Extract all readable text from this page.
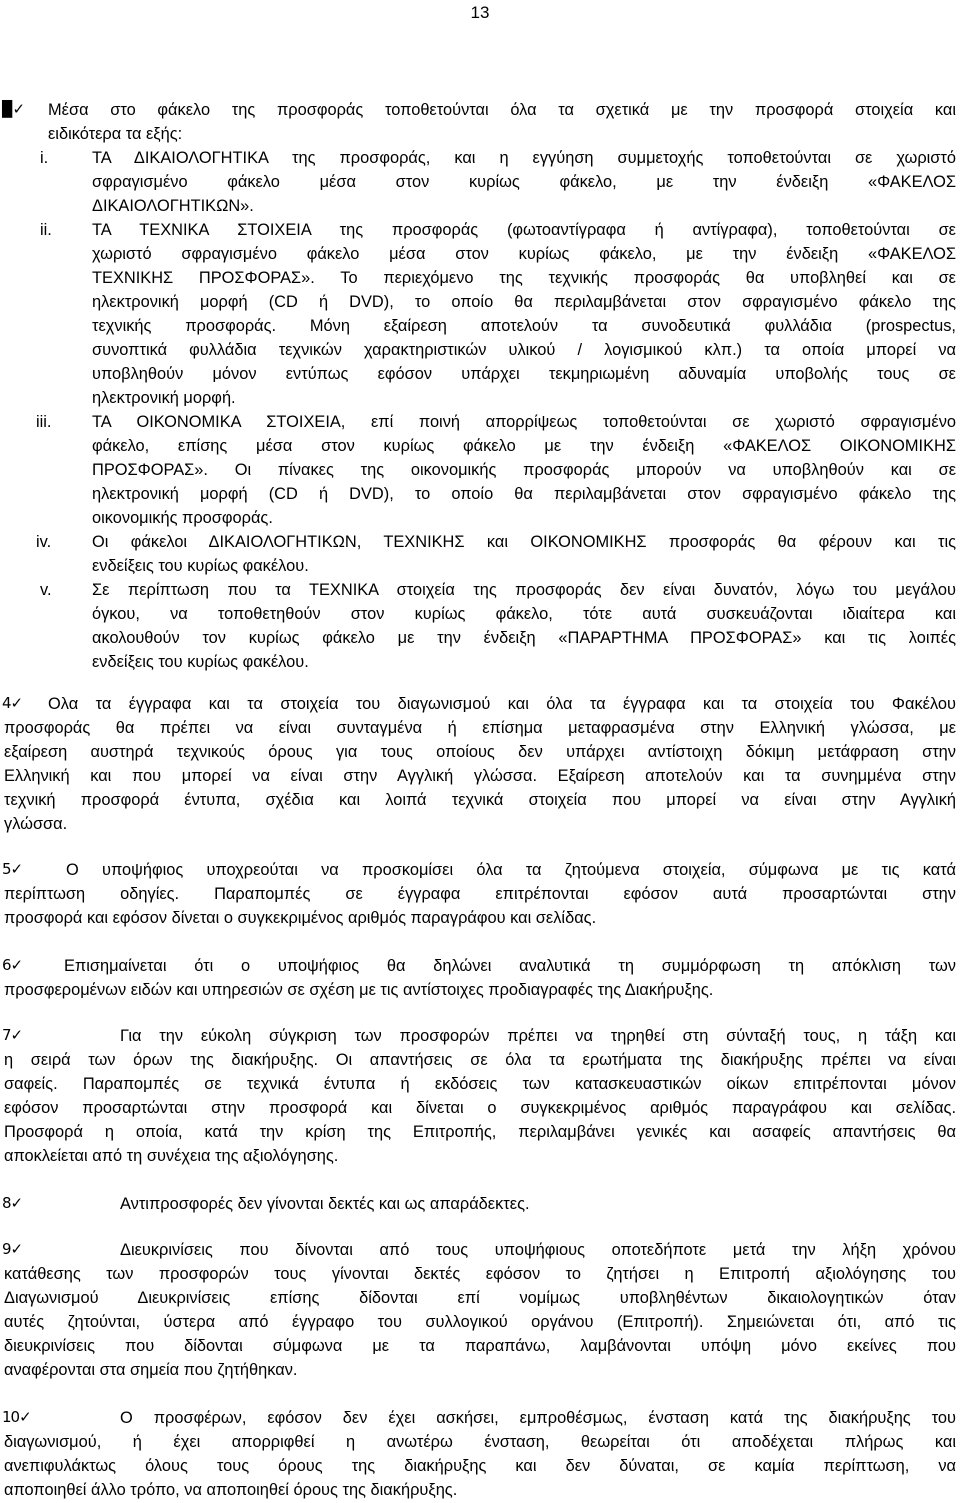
13
▉✓ Μέσα στο φάκελο της προσφοράς τοποθετούνται όλα τα σχετικά με την προσφορά στοιχεία και
ειδικότερα τα εξής:
i.	ΤΑ ΔΙΚΑΙΟΛΟΓΗΤΙΚΑ της προσφοράς, και η εγγύηση συμμετοχής τοποθετούνται σε χωριστό
σφραγισμένο φάκελο μέσα στον κυρίως φάκελο, με την ένδειξη «ΦΑΚΕΛΟΣ
ΔΙΚΑΙΟΛΟΓΗΤΙΚΩΝ».
ii. ΤΑ ΤΕΧΝΙΚΑ ΣΤΟΙΧΕΙΑ της προσφοράς (φωτοαντίγραφα ή αντίγραφα), τοποθετούνται σε
χωριστό σφραγισμένο φάκελο μέσα στον κυρίως φάκελο, με την ένδειξη «ΦΑΚΕΛΟΣ
ΤΕΧΝΙΚΗΣ ΠΡΟΣΦΟΡΑΣ». Το περιεχόμενο της τεχνικής προσφοράς θα υποβληθεί και σε
ηλεκτρονική μορφή (CD ή DVD), το οποίο θα περιλαμβάνεται στον σφραγισμένο φάκελο της
τεχνικής προσφοράς. Μόνη εξαίρεση αποτελούν τα συνοδευτικά φυλλάδια (prospectus,
συνοπτικά φυλλάδια τεχνικών χαρακτηριστικών υλικού / λογισμικού κλπ.) τα οποία μπορεί να
υποβληθούν μόνον εντύπως εφόσον υπάρχει τεκμηριωμένη αδυναμία υποβολής τους σε
ηλεκτρονική μορφή.
iii. ΤΑ ΟΙΚΟΝΟΜΙΚΑ ΣΤΟΙΧΕΙΑ, επί ποινή απορρίψεως τοποθετούνται σε χωριστό σφραγισμένο
φάκελο, επίσης μέσα στον κυρίως φάκελο με την ένδειξη «ΦΑΚΕΛΟΣ ΟΙΚΟΝΟΜΙΚΗΣ
ΠΡΟΣΦΟΡΑΣ». Οι πίνακες της οικονομικής προσφοράς μπορούν να υποβληθούν και σε
ηλεκτρονική μορφή (CD ή DVD), το οποίο θα περιλαμβάνεται στον σφραγισμένο φάκελο της
οικονομικής προσφοράς.
iv. Οι φάκελοι ΔΙΚΑΙΟΛΟΓΗΤΙΚΩΝ, ΤΕΧΝΙΚΗΣ και ΟΙΚΟΝΟΜΙΚΗΣ προσφοράς θα φέρουν και τις
ενδείξεις του κυρίως φακέλου.
v. Σε περίπτωση που τα ΤΕΧΝΙΚΑ στοιχεία της προσφοράς δεν είναι δυνατόν, λόγω του μεγάλου
όγκου, να τοποθετηθούν στον κυρίως φάκελο, τότε αυτά συσκευάζονται ιδιαίτερα και
ακολουθούν τον κυρίως φάκελο με την ένδειξη «ΠΑΡΑΡΤΗΜΑ ΠΡΟΣΦΟΡΑΣ» και τις λοιπές
ενδείξεις του κυρίως φακέλου.
4✓ Ολα τα έγγραφα και τα στοιχεία του διαγωνισμού και όλα τα έγγραφα και τα στοιχεία του Φακέλου
προσφοράς θα πρέπει να είναι συνταγμένα ή επίσημα μεταφρασμένα στην Ελληνική γλώσσα, με
εξαίρεση αυστηρά τεχνικούς όρους για τους οποίους δεν υπάρχει αντίστοιχη δόκιμη μετάφραση στην
Ελληνική και που μπορεί να είναι στην Αγγλική γλώσσα. Εξαίρεση αποτελούν και τα συνημμένα στην
τεχνική προσφορά έντυπα, σχέδια και λοιπά τεχνικά στοιχεία που μπορεί να είναι στην Αγγλική
γλώσσα.
5✓	Ο υποψήφιος υποχρεούται να προσκομίσει όλα τα ζητούμενα στοιχεία, σύμφωνα με τις κατά
περίπτωση οδηγίες. Παραπομπές σε έγγραφα επιτρέπονται εφόσον αυτά προσαρτώνται στην
προσφορά και εφόσον δίνεται ο συγκεκριμένος αριθμός παραγράφου και σελίδας.
6✓	Επισημαίνεται ότι ο υποψήφιος θα δηλώνει αναλυτικά τη συμμόρφωση τη απόκλιση των
προσφερομένων ειδών και υπηρεσιών σε σχέση με τις αντίστοιχες προδιαγραφές της Διακήρυξης.
7✓	Για την εύκολη σύγκριση των προσφορών πρέπει να τηρηθεί στη σύνταξή τους, η τάξη και
η σειρά των όρων της διακήρυξης. Οι απαντήσεις σε όλα τα ερωτήματα της διακήρυξης πρέπει να είναι
σαφείς. Παραπομπές σε τεχνικά έντυπα ή εκδόσεις των κατασκευαστικών οίκων επιτρέπονται μόνον
εφόσον προσαρτώνται στην προσφορά και δίνεται ο συγκεκριμένος αριθμός παραγράφου και σελίδας.
Προσφορά η οποία, κατά την κρίση της Επιτροπής, περιλαμβάνει γενικές και ασαφείς απαντήσεις θα
αποκλείεται από τη συνέχεια της αξιολόγησης.
8✓	Αντιπροσφορές δεν γίνονται δεκτές και ως απαράδεκτες.
9✓	Διευκρινίσεις που δίνονται από τους υποψήφιους οποτεδήποτε μετά την λήξη χρόνου
κατάθεσης των προσφορών τους γίνονται δεκτές εφόσον το ζητήσει η Επιτροπή αξιολόγησης του
Διαγωνισμού Διευκρινίσεις επίσης δίδονται επί νομίμως υποβληθέντων δικαιολογητικών όταν
αυτές ζητούνται, ύστερα από έγγραφο του συλλογικού οργάνου (Επιτροπή). Σημειώνεται ότι, από τις
διευκρινίσεις που δίδονται σύμφωνα με τα παραπάνω, λαμβάνονται υπόψη μόνο εκείνες που
αναφέρονται στα σημεία που ζητήθηκαν.
10✓	Ο προσφέρων, εφόσον δεν έχει ασκήσει, εμπροθέσμως, ένσταση κατά της διακήρυξης του
διαγωνισμού, ή έχει απορριφθεί η ανωτέρω ένσταση, θεωρείται ότι αποδέχεται πλήρως και
ανεπιφυλάκτως όλους τους όρους της διακήρυξης και δεν δύναται, σε καμία περίπτωση, να
αποποιηθεί άλλο τρόπο, να αποποιηθεί όρους της διακήρυξης.
